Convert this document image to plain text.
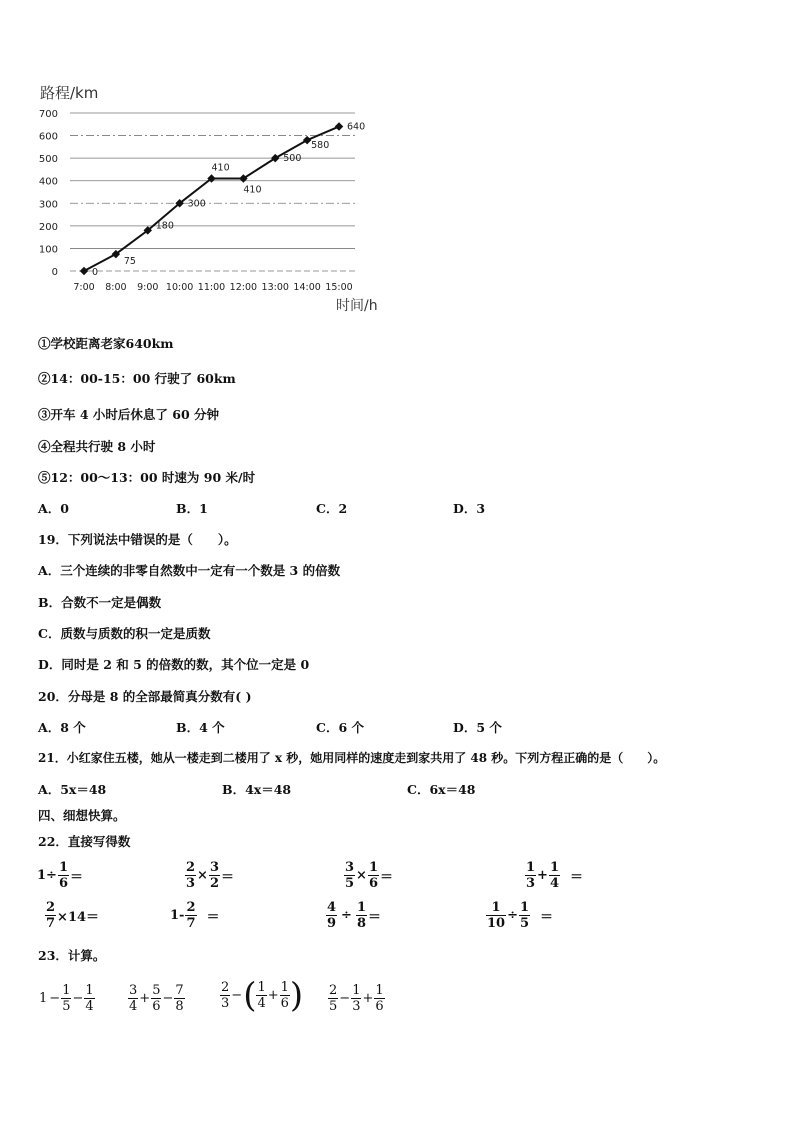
路程/km
0
100
200
300
400
500
600
700
7:00 8:00 9:00 10:00 11:00 12:00 13:00 14:00 15:00
0
75
180
300
410
410
500
580
640
时间/h
①学校距离老家640km
②14：00-15：00 行驶了 60km
③开车 4 小时后休息了 60 分钟
④全程共行驶 8 小时
⑤12：00～13：00 时速为 90 米/时
A．0	B．1	C．2	D．3
19．下列说法中错误的是（　　）。
A．三个连续的非零自然数中一定有一个数是 3 的倍数
B．合数不一定是偶数
C．质数与质数的积一定是质数
D．同时是 2 和 5 的倍数的数，其个位一定是 0
20．分母是 8 的全部最简真分数有( )
A．8 个	B．4 个	C．6 个	D．5 个
21．小红家住五楼，她从一楼走到二楼用了 x 秒，她用同样的速度走到家共用了 48 秒。下列方程正确的是（　　）。
A．5x＝48	B．4x＝48	C．6x＝48
四、细想快算。
22．直接写得数
$1\div \frac{1}{6}$ ＝	$\frac{2}{3} \times \frac{3}{2}$ ＝	$\frac{3}{5} \times \frac{1}{6}$ ＝	$\frac{1}{3} + \frac{1}{4}$ ＝
$\frac{2}{7} \times 14=$	$1- \frac{2}{7}$ ＝	$\frac{4}{9} \div \frac{1}{8}$ ＝	$\frac{1}{10} \div \frac{1}{5}$ ＝
23．计算。
$1 - \frac{1}{5} - \frac{1}{4}$	$\frac{3}{4} + \frac{5}{6} - \frac{7}{8}$	$\frac{2}{3}$ −( $\frac{1}{4} + \frac{1}{6}$ ) $\frac{2}{5} - \frac{1}{3} + \frac{1}{6}$
